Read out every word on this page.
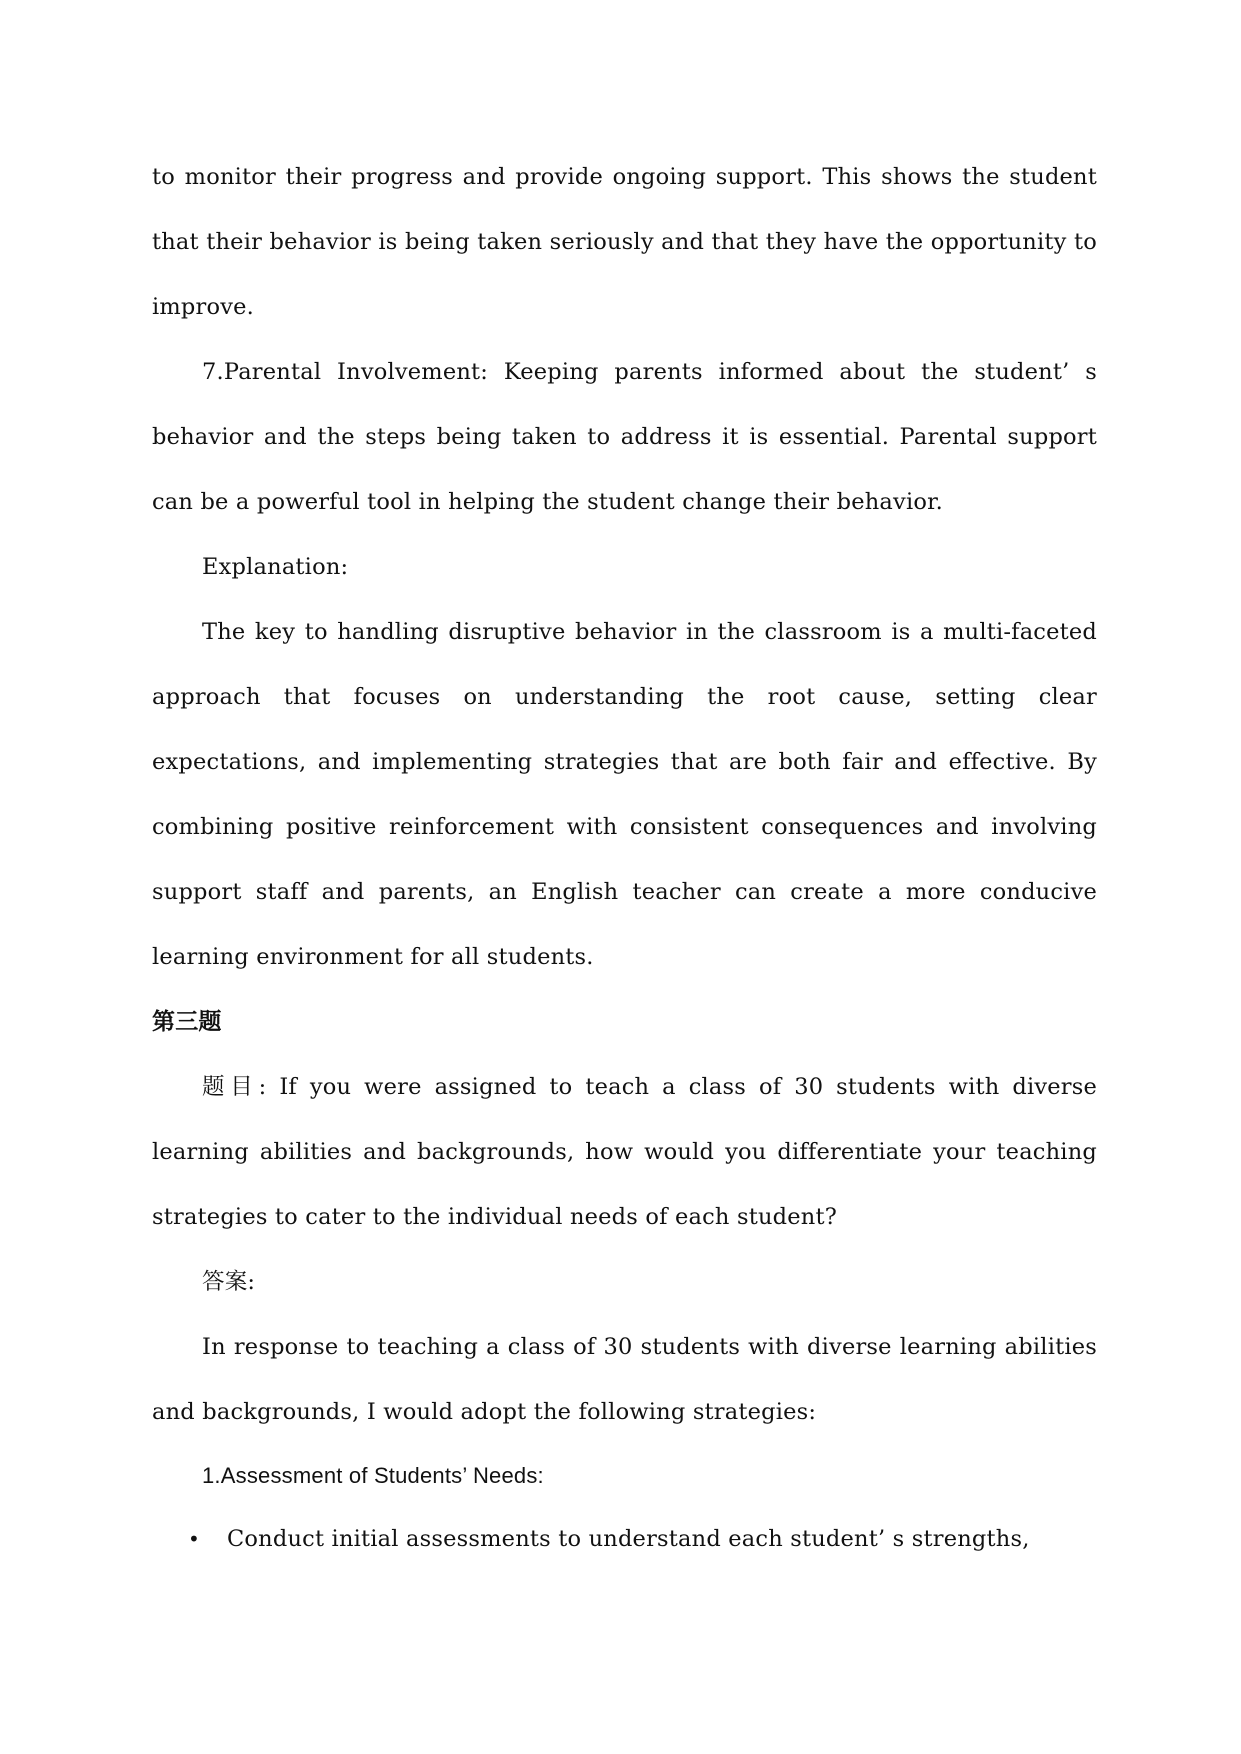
to monitor their progress and provide ongoing support. This shows the student that their behavior is being taken seriously and that they have the opportunity to improve.

7.Parental Involvement: Keeping parents informed about the student’ s behavior and the steps being taken to address it is essential. Parental support can be a powerful tool in helping the student change their behavior.

Explanation:

The key to handling disruptive behavior in the classroom is a multi-faceted approach that focuses on understanding the root cause, setting clear expectations, and implementing strategies that are both fair and effective. By combining positive reinforcement with consistent consequences and involving support staff and parents, an English teacher can create a more conducive learning environment for all students.

第三题

题目: If you were assigned to teach a class of 30 students with diverse learning abilities and backgrounds, how would you differentiate your teaching strategies to cater to the individual needs of each student?

答案:

In response to teaching a class of 30 students with diverse learning abilities and backgrounds, I would adopt the following strategies:

1.Assessment of Students’ Needs:

• Conduct initial assessments to understand each student’ s strengths,
